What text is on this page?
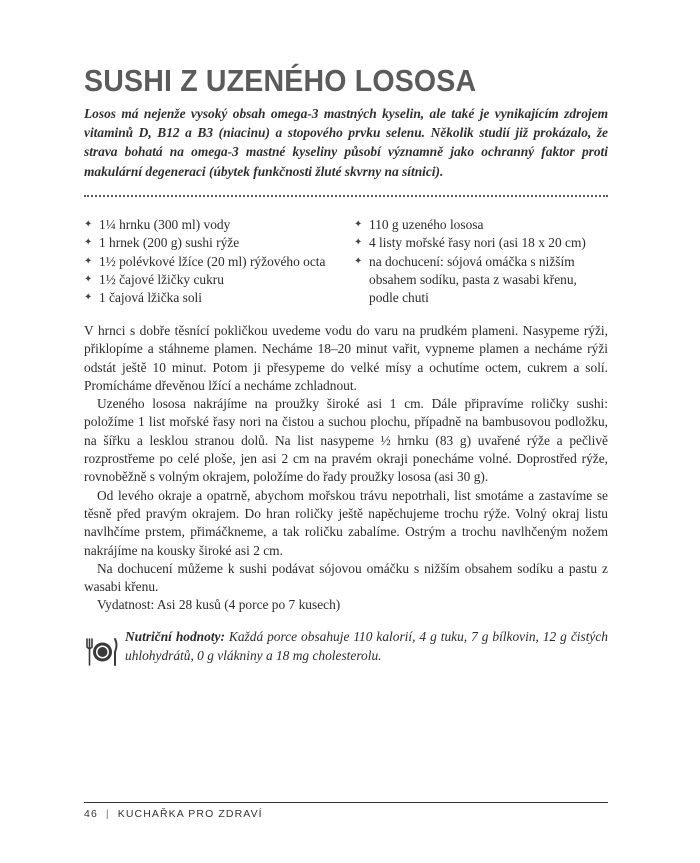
SUSHI Z UZENÉHO LOSOSA
Losos má nejenže vysoký obsah omega-3 mastných kyselin, ale také je vynikajícím zdrojem vitaminů D, B12 a B3 (niacinu) a stopového prvku selenu. Několik studií již prokázalo, že strava bohatá na omega-3 mastné kyseliny působí významně jako ochranný faktor proti makulární degeneraci (úbytek funkčnosti žluté skvrny na sítnici).
✦ 1¼ hrnku (300 ml) vody
✦ 1 hrnek (200 g) sushi rýže
✦ 1½ polévkové lžíce (20 ml) rýžového octa
✦ 1½ čajové lžičky cukru
✦ 1 čajová lžička soli
✦ 110 g uzeného lososa
✦ 4 listy mořské řasy nori (asi 18 x 20 cm)
✦ na dochucení: sójová omáčka s nižším obsahem sodíku, pasta z wasabi křenu, podle chuti

V hrnci s dobře těsnící pokličkou uvedeme vodu do varu na prudkém plameni. Nasypeme rýži, přiklopíme a stáhneme plamen. Necháme 18–20 minut vařit, vypneme plamen a necháme rýži odstát ještě 10 minut. Potom ji přesypeme do velké mísy a ochutíme octem, cukrem a solí. Promícháme dřevěnou lžící a necháme zchladnout.

Uzeného lososa nakrájíme na proužky široké asi 1 cm. Dále připravíme roličky sushi: položíme 1 list mořské řasy nori na čistou a suchou plochu, případně na bambusovou podložku, na šířku a lesklou stranou dolů. Na list nasypeme ½ hrnku (83 g) uvařené rýže a pečlivě rozprostřeme po celé ploše, jen asi 2 cm na pravém okraji ponecháme volné. Doprostřed rýže, rovnoběžně s volným okrajem, položíme do řady proužky lososa (asi 30 g).

Od levého okraje a opatrně, abychom mořskou trávu nepotrhali, list smotáme a zastavíme se těsně před pravým okrajem. Do hran roličky ještě napěchujeme trochu rýže. Volný okraj listu navlhčíme prstem, přimáčkneme, a tak roličku zabalíme. Ostrým a trochu navlhčeným nožem nakrájíme na kousky široké asi 2 cm.

Na dochucení můžeme k sushi podávat sójovou omáčku s nižším obsahem sodíku a pastu z wasabi křenu.

Vydatnost: Asi 28 kusů (4 porce po 7 kusech)

Nutriční hodnoty: Každá porce obsahuje 110 kalorií, 4 g tuku, 7 g bílkovin, 12 g čistých uhlohydrátů, 0 g vlákniny a 18 mg cholesterolu.
46 | KUCHAŘKA PRO ZDRAVÍ
